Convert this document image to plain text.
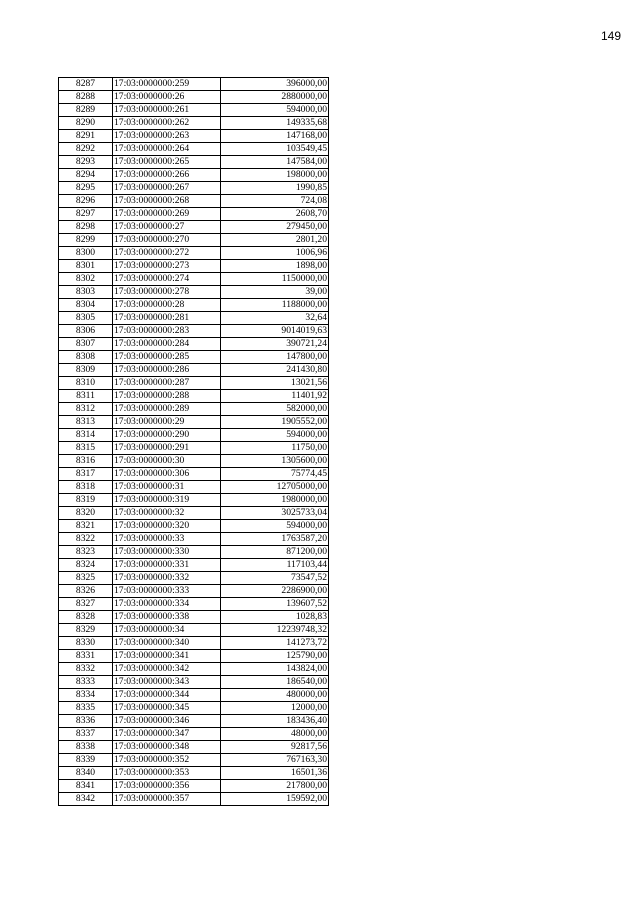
149
8287	17:03:0000000:259	396000,00
8288	17:03:0000000:26	2880000,00
8289	17:03:0000000:261	594000,00
8290	17:03:0000000:262	149335,68
8291	17:03:0000000:263	147168,00
8292	17:03:0000000:264	103549,45
8293	17:03:0000000:265	147584,00
8294	17:03:0000000:266	198000,00
8295	17:03:0000000:267	1990,85
8296	17:03:0000000:268	724,08
8297	17:03:0000000:269	2608,70
8298	17:03:0000000:27	279450,00
8299	17:03:0000000:270	2801,20
8300	17:03:0000000:272	1006,96
8301	17:03:0000000:273	1898,00
8302	17:03:0000000:274	1150000,00
8303	17:03:0000000:278	39,00
8304	17:03:0000000:28	1188000,00
8305	17:03:0000000:281	32,64
8306	17:03:0000000:283	9014019,63
8307	17:03:0000000:284	390721,24
8308	17:03:0000000:285	147800,00
8309	17:03:0000000:286	241430,80
8310	17:03:0000000:287	13021,56
8311	17:03:0000000:288	11401,92
8312	17:03:0000000:289	582000,00
8313	17:03:0000000:29	1905552,00
8314	17:03:0000000:290	594000,00
8315	17:03:0000000:291	11750,00
8316	17:03:0000000:30	1305600,00
8317	17:03:0000000:306	75774,45
8318	17:03:0000000:31	12705000,00
8319	17:03:0000000:319	1980000,00
8320	17:03:0000000:32	3025733,04
8321	17:03:0000000:320	594000,00
8322	17:03:0000000:33	1763587,20
8323	17:03:0000000:330	871200,00
8324	17:03:0000000:331	117103,44
8325	17:03:0000000:332	73547,52
8326	17:03:0000000:333	2286900,00
8327	17:03:0000000:334	139607,52
8328	17:03:0000000:338	1028,83
8329	17:03:0000000:34	12239748,32
8330	17:03:0000000:340	141273,72
8331	17:03:0000000:341	125790,00
8332	17:03:0000000:342	143824,00
8333	17:03:0000000:343	186540,00
8334	17:03:0000000:344	480000,00
8335	17:03:0000000:345	12000,00
8336	17:03:0000000:346	183436,40
8337	17:03:0000000:347	48000,00
8338	17:03:0000000:348	92817,56
8339	17:03:0000000:352	767163,30
8340	17:03:0000000:353	16501,36
8341	17:03:0000000:356	217800,00
8342	17:03:0000000:357	159592,00
